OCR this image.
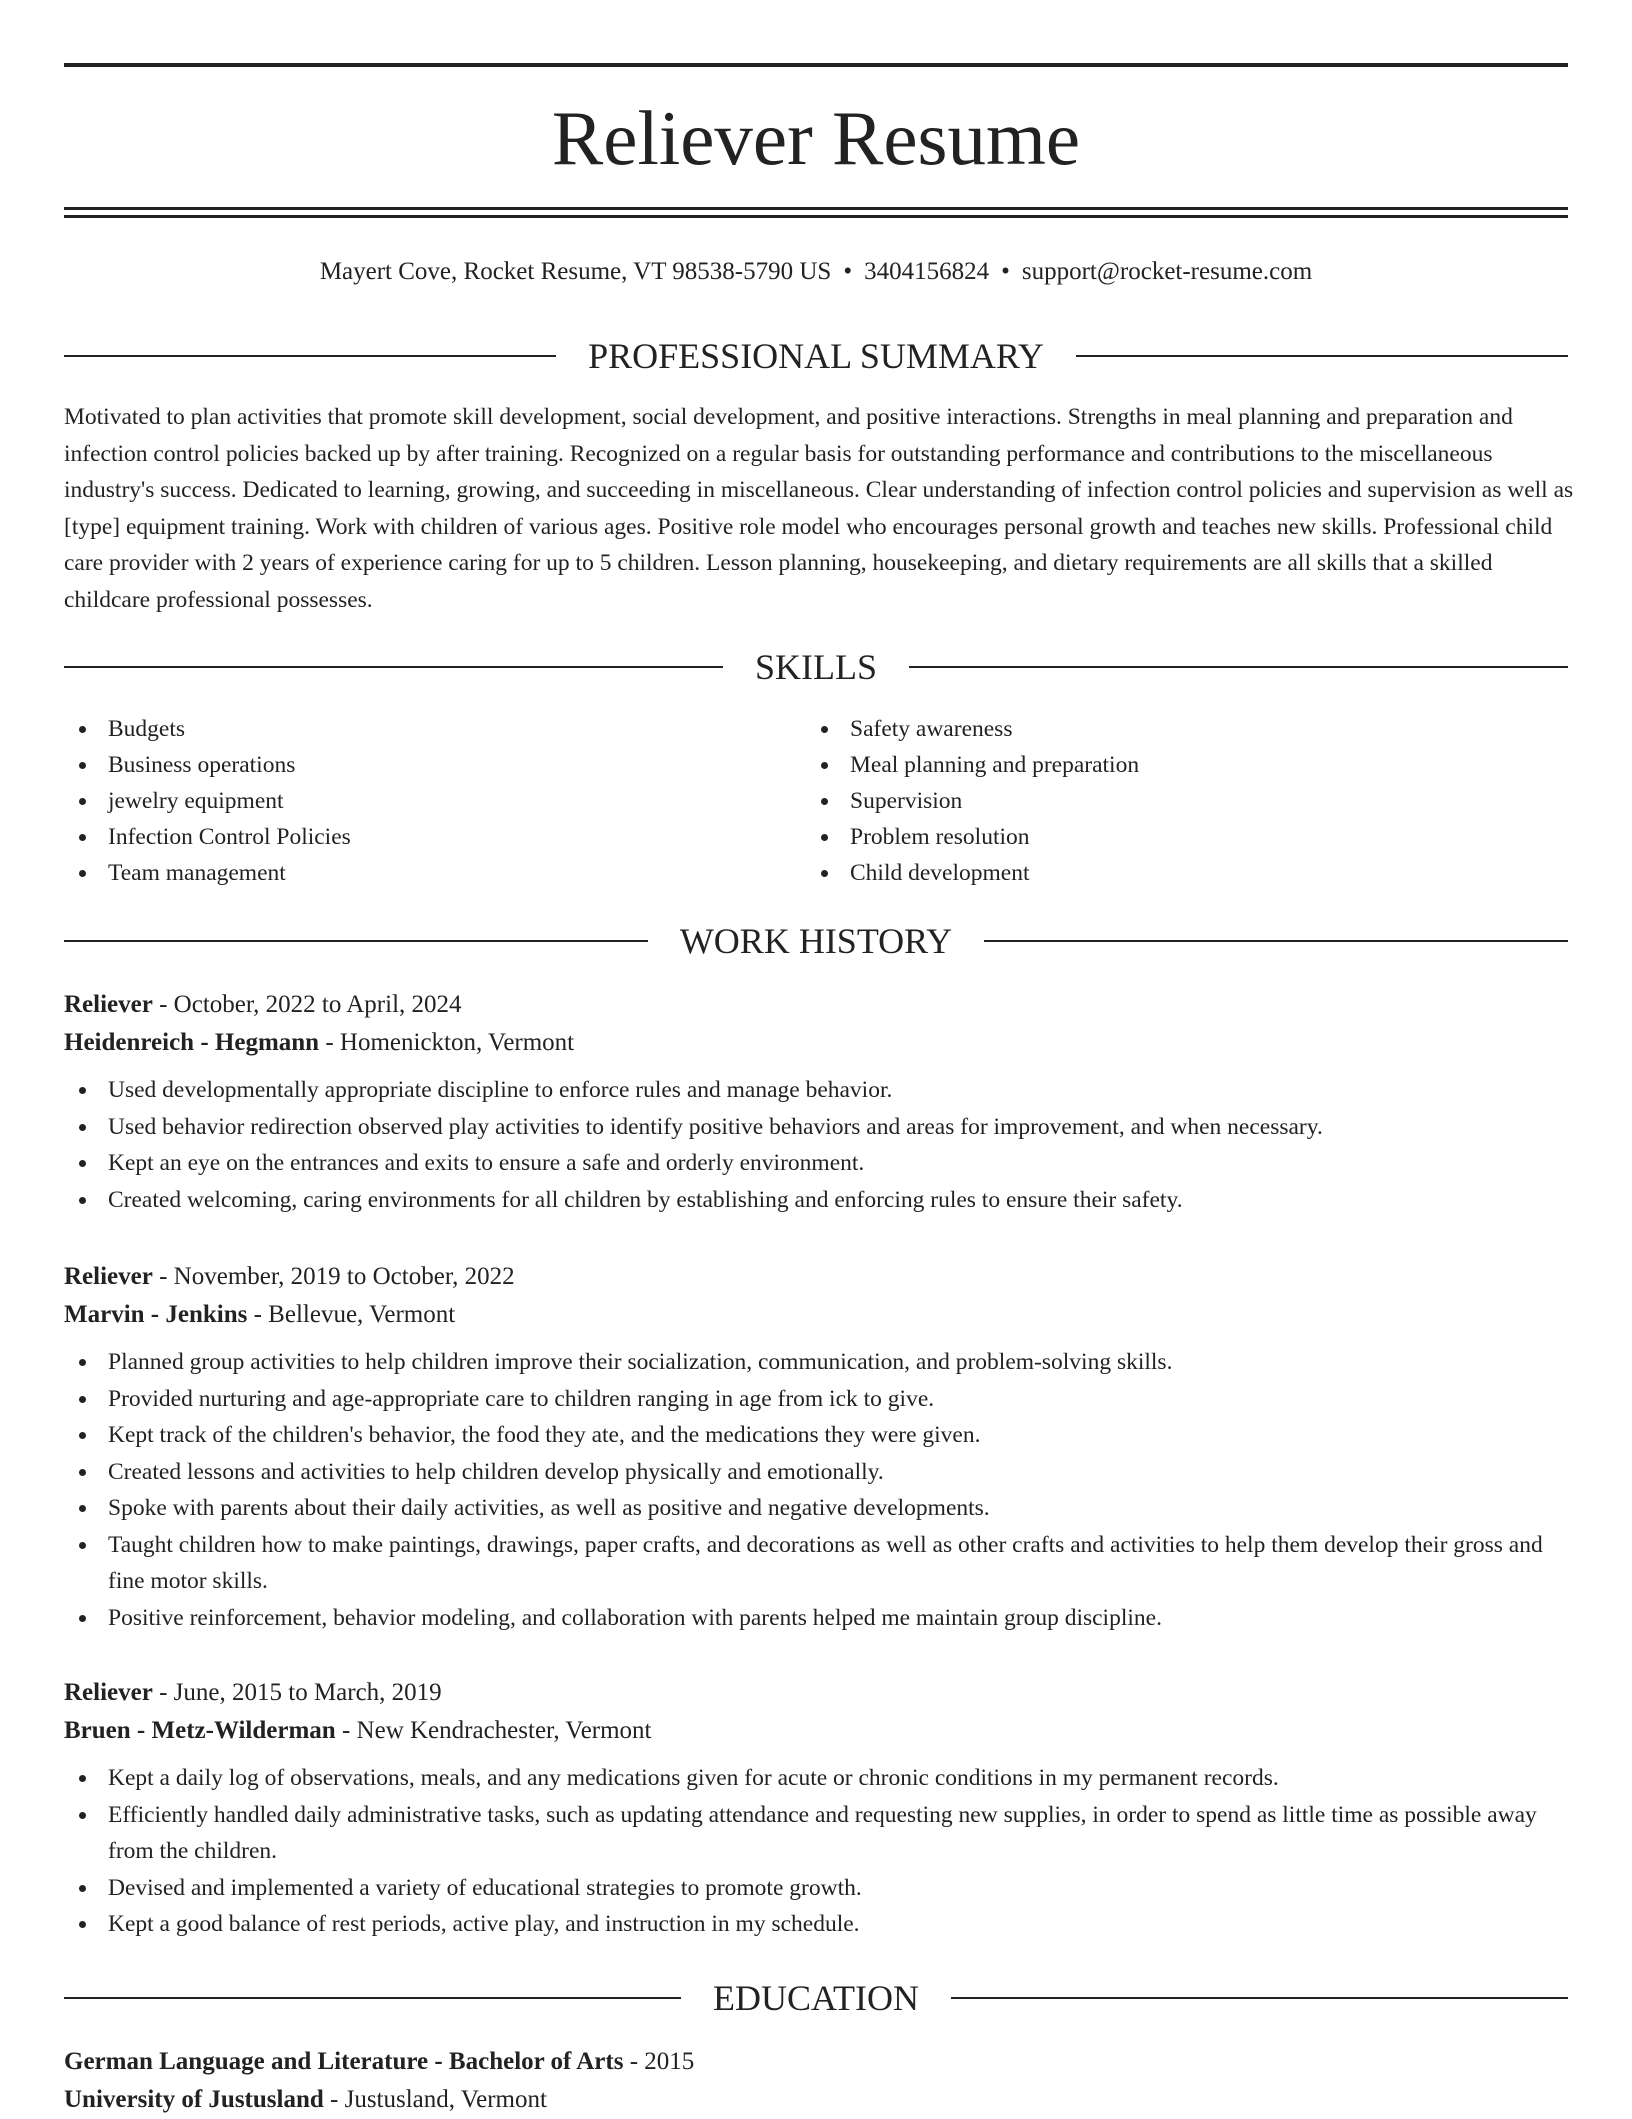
Reliever Resume
Mayert Cove, Rocket Resume, VT 98538-5790 US • 3404156824 • support@rocket-resume.com
PROFESSIONAL SUMMARY

Motivated to plan activities that promote skill development, social development, and positive interactions. Strengths in meal planning and preparation and infection control policies backed up by after training. Recognized on a regular basis for outstanding performance and contributions to the miscellaneous industry's success. Dedicated to learning, growing, and succeeding in miscellaneous. Clear understanding of infection control policies and supervision as well as [type] equipment training. Work with children of various ages. Positive role model who encourages personal growth and teaches new skills. Professional child care provider with 2 years of experience caring for up to 5 children. Lesson planning, housekeeping, and dietary requirements are all skills that a skilled childcare professional possesses.

SKILLS
Budgets
Business operations
jewelry equipment
Infection Control Policies
Team management
Safety awareness
Meal planning and preparation
Supervision
Problem resolution
Child development
WORK HISTORY
Reliever - October, 2022 to April, 2024
Heidenreich - Hegmann - Homenickton, Vermont
Used developmentally appropriate discipline to enforce rules and manage behavior.
Used behavior redirection observed play activities to identify positive behaviors and areas for improvement, and when necessary.
Kept an eye on the entrances and exits to ensure a safe and orderly environment.
Created welcoming, caring environments for all children by establishing and enforcing rules to ensure their safety.
Reliever - November, 2019 to October, 2022
Marvin - Jenkins - Bellevue, Vermont
Planned group activities to help children improve their socialization, communication, and problem-solving skills.
Provided nurturing and age-appropriate care to children ranging in age from ick to give.
Kept track of the children's behavior, the food they ate, and the medications they were given.
Created lessons and activities to help children develop physically and emotionally.
Spoke with parents about their daily activities, as well as positive and negative developments.
Taught children how to make paintings, drawings, paper crafts, and decorations as well as other crafts and activities to help them develop their gross and fine motor skills.
Positive reinforcement, behavior modeling, and collaboration with parents helped me maintain group discipline.
Reliever - June, 2015 to March, 2019
Bruen - Metz-Wilderman - New Kendrachester, Vermont
Kept a daily log of observations, meals, and any medications given for acute or chronic conditions in my permanent records.
Efficiently handled daily administrative tasks, such as updating attendance and requesting new supplies, in order to spend as little time as possible away from the children.
Devised and implemented a variety of educational strategies to promote growth.
Kept a good balance of rest periods, active play, and instruction in my schedule.
EDUCATION
German Language and Literature - Bachelor of Arts - 2015
University of Justusland - Justusland, Vermont
